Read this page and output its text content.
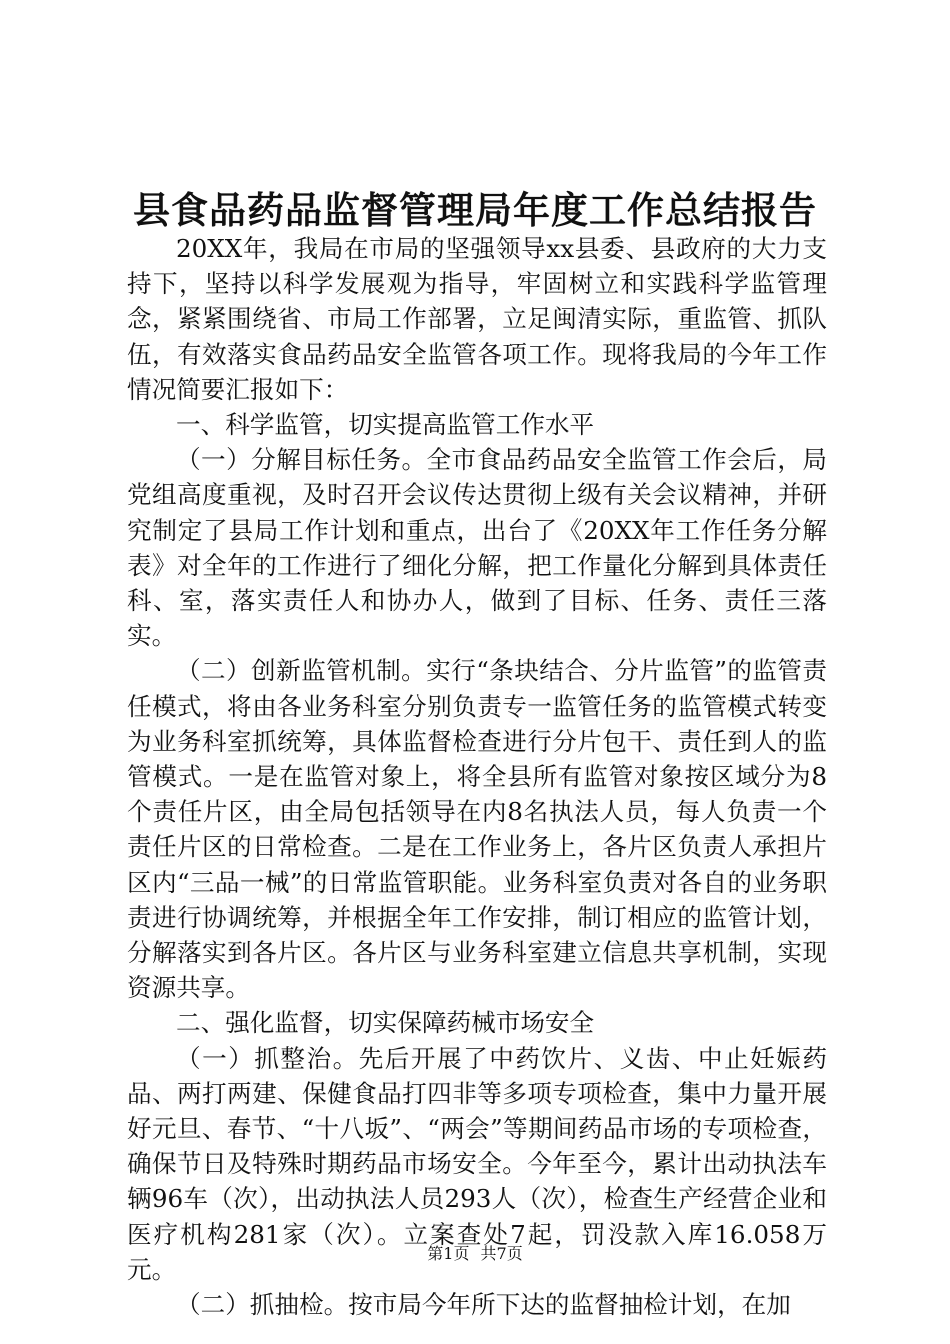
县食品药品监督管理局年度工作总结报告

20XX年，我局在市局的坚强领导xx县委、县政府的大力支持下，坚持以科学发展观为指导，牢固树立和实践科学监管理念，紧紧围绕省、市局工作部署，立足闽清实际，重监管、抓队伍，有效落实食品药品安全监管各项工作。现将我局的今年工作情况简要汇报如下：

一、科学监管，切实提高监管工作水平

（一）分解目标任务。全市食品药品安全监管工作会后，局党组高度重视，及时召开会议传达贯彻上级有关会议精神，并研究制定了县局工作计划和重点，出台了《20XX年工作任务分解表》对全年的工作进行了细化分解，把工作量化分解到具体责任科、室，落实责任人和协办人，做到了目标、任务、责任三落实。

（二）创新监管机制。实行“条块结合、分片监管”的监管责任模式，将由各业务科室分别负责专一监管任务的监管模式转变为业务科室抓统筹，具体监督检查进行分片包干、责任到人的监管模式。一是在监管对象上，将全县所有监管对象按区域分为8个责任片区，由全局包括领导在内8名执法人员，每人负责一个责任片区的日常检查。二是在工作业务上，各片区负责人承担片区内“三品一械”的日常监管职能。业务科室负责对各自的业务职责进行协调统筹，并根据全年工作安排，制订相应的监管计划，分解落实到各片区。各片区与业务科室建立信息共享机制，实现资源共享。

二、强化监督，切实保障药械市场安全

（一）抓整治。先后开展了中药饮片、义齿、中止妊娠药品、两打两建、保健食品打四非等多项专项检查，集中力量开展好元旦、春节、“十八坂”、“两会”等期间药品市场的专项检查，确保节日及特殊时期药品市场安全。今年至今，累计出动执法车辆96车（次），出动执法人员293人（次），检查生产经营企业和医疗机构281家（次）。立案查处7起，罚没款入库16.058万元。

（二）抓抽检。按市局今年所下达的监督抽检计划，在加

第1页 共7页
